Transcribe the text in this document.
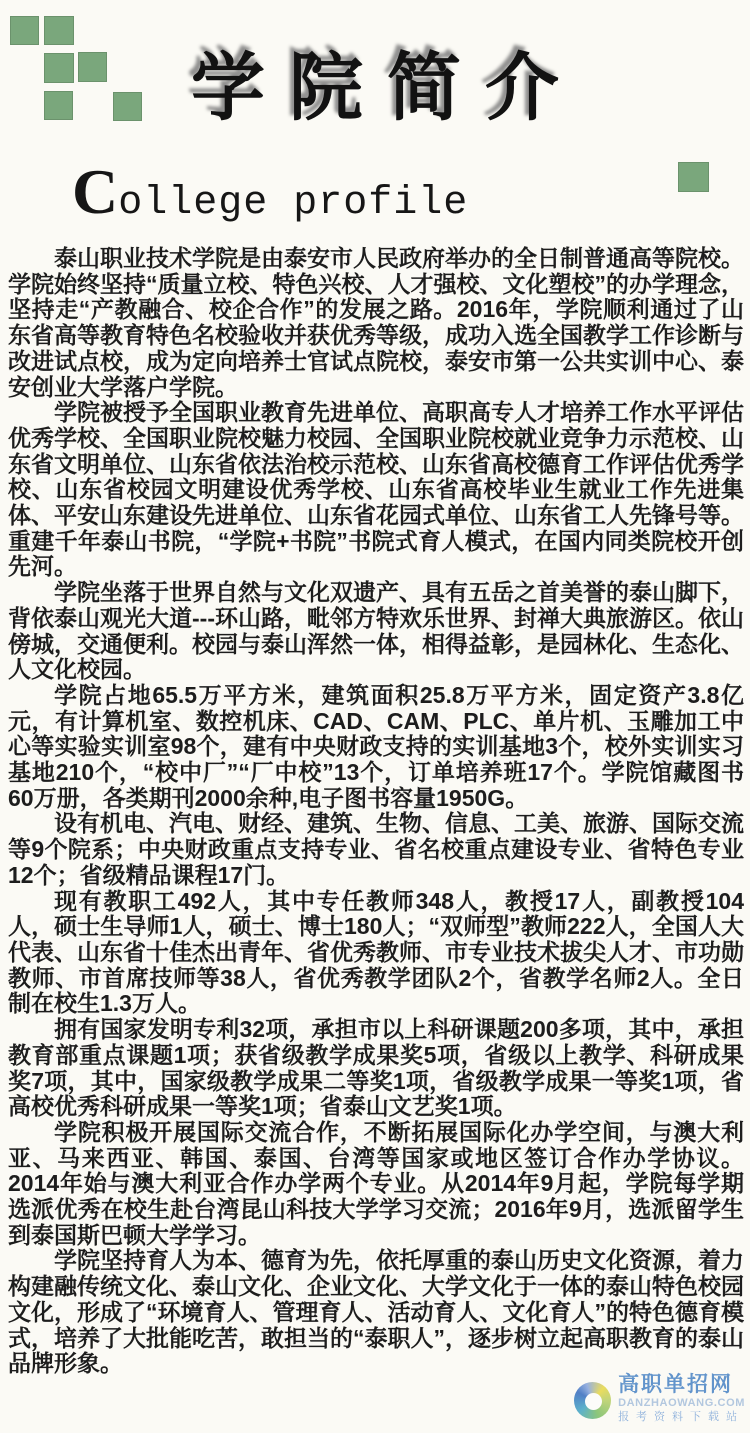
学院简介
C ollege profile

泰山职业技术学院是由泰安市人民政府举办的全日制普通高等院校。学院始终坚持“质量立校、特色兴校、人才强校、文化塑校”的办学理念，坚持走“产教融合、校企合作”的发展之路。2016年，学院顺利通过了山东省高等教育特色名校验收并获优秀等级，成功入选全国教学工作诊断与改进试点校，成为定向培养士官试点院校，泰安市第一公共实训中心、泰安创业大学落户学院。

学院被授予全国职业教育先进单位、高职高专人才培养工作水平评估优秀学校、全国职业院校魅力校园、全国职业院校就业竞争力示范校、山东省文明单位、山东省依法治校示范校、山东省高校德育工作评估优秀学校、山东省校园文明建设优秀学校、山东省高校毕业生就业工作先进集体、平安山东建设先进单位、山东省花园式单位、山东省工人先锋号等。重建千年泰山书院，“学院+书院”书院式育人模式，在国内同类院校开创先河。

学院坐落于世界自然与文化双遗产、具有五岳之首美誉的泰山脚下，背依泰山观光大道---环山路，毗邻方特欢乐世界、封禅大典旅游区。依山傍城，交通便利。校园与泰山浑然一体，相得益彰，是园林化、生态化、人文化校园。

学院占地65.5万平方米，建筑面积25.8万平方米，固定资产3.8亿元，有计算机室、数控机床、CAD、CAM、PLC、单片机、玉雕加工中心等实验实训室98个，建有中央财政支持的实训基地3个，校外实训实习基地210个，“校中厂”“厂中校”13个，订单培养班17个。学院馆藏图书60万册，各类期刊2000余种,电子图书容量1950G。

设有机电、汽电、财经、建筑、生物、信息、工美、旅游、国际交流等9个院系；中央财政重点支持专业、省名校重点建设专业、省特色专业12个；省级精品课程17门。

现有教职工492人，其中专任教师348人，教授17人，副教授104人，硕士生导师1人，硕士、博士180人；“双师型”教师222人，全国人大代表、山东省十佳杰出青年、省优秀教师、市专业技术拔尖人才、市功勋教师、市首席技师等38人，省优秀教学团队2个，省教学名师2人。全日制在校生1.3万人。

拥有国家发明专利32项，承担市以上科研课题200多项，其中，承担教育部重点课题1项；获省级教学成果奖5项，省级以上教学、科研成果奖7项，其中，国家级教学成果二等奖1项，省级教学成果一等奖1项，省高校优秀科研成果一等奖1项；省泰山文艺奖1项。

学院积极开展国际交流合作，不断拓展国际化办学空间，与澳大利亚、马来西亚、韩国、泰国、台湾等国家或地区签订合作办学协议。2014年始与澳大利亚合作办学两个专业。从2014年9月起，学院每学期选派优秀在校生赴台湾昆山科技大学学习交流；2016年9月，选派留学生到泰国斯巴顿大学学习。

学院坚持育人为本、德育为先，依托厚重的泰山历史文化资源，着力构建融传统文化、泰山文化、企业文化、大学文化于一体的泰山特色校园文化，形成了“环境育人、管理育人、活动育人、文化育人”的特色德育模式，培养了大批能吃苦，敢担当的“泰职人”，逐步树立起高职教育的泰山品牌形象。

高职单招网
DANZHAOWANG.COM
报考资料下载站
